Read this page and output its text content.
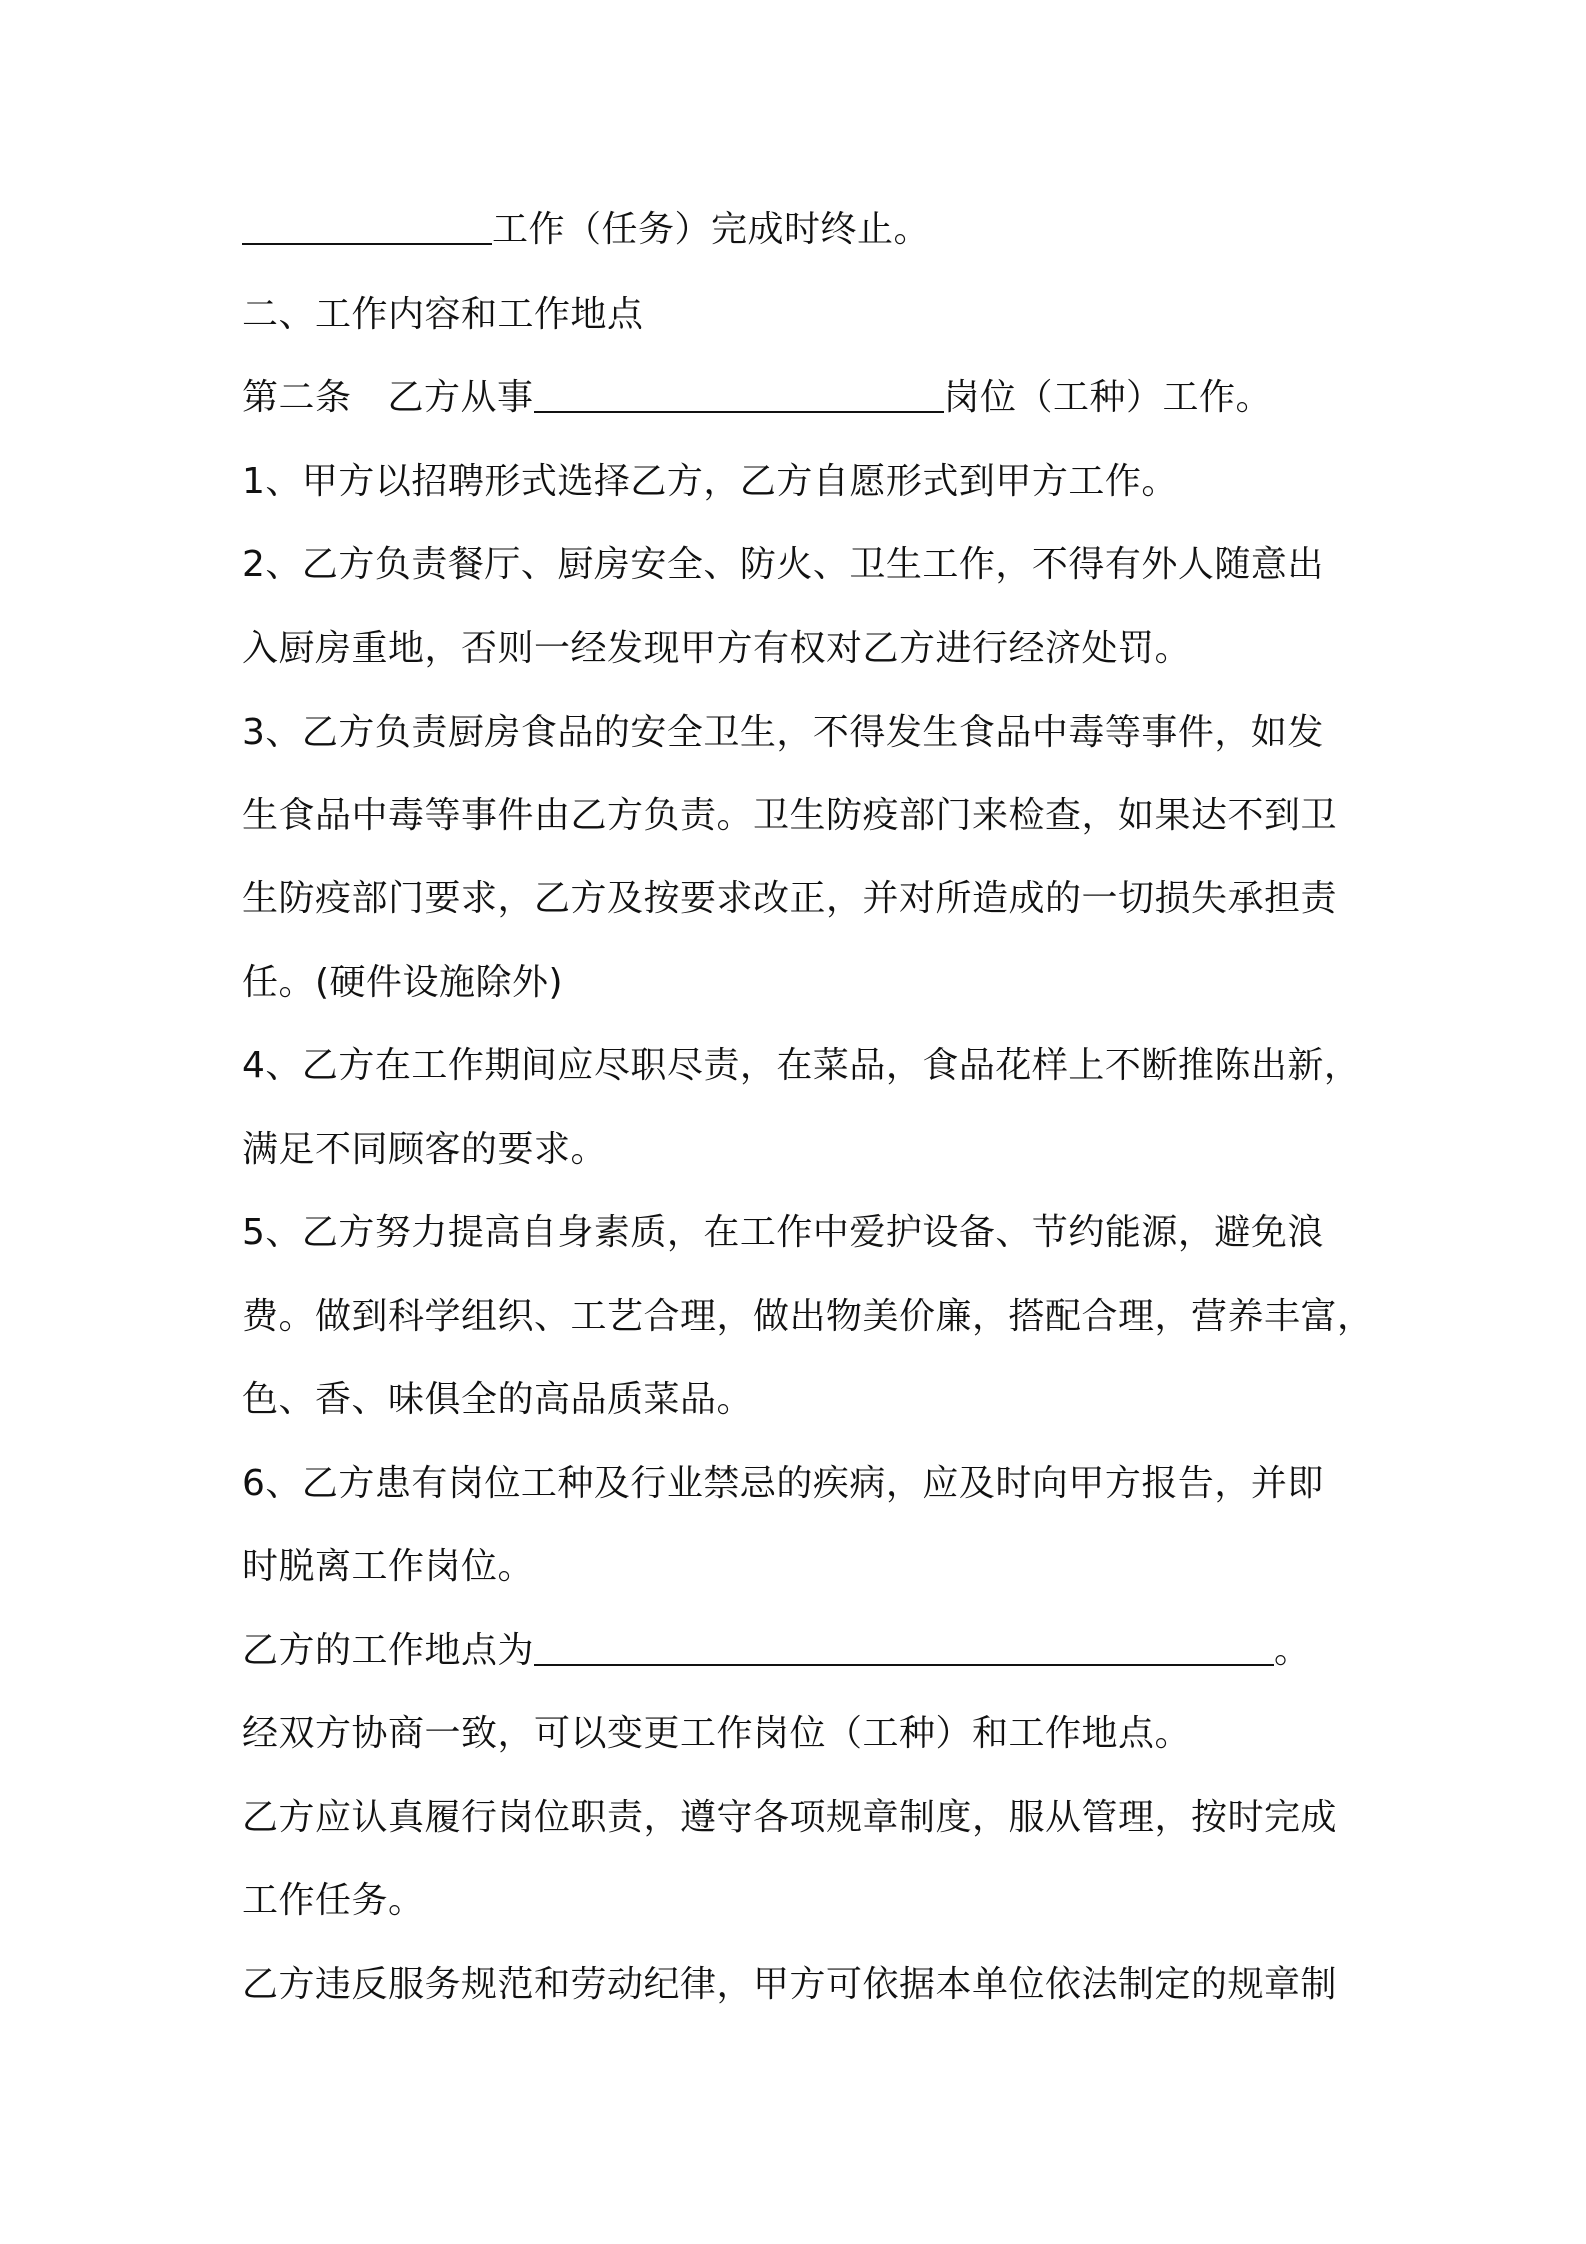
工作（任务）完成时终止。
二、工作内容和工作地点
第二条 乙方从事	岗位（工种）工作。
1、甲方以招聘形式选择乙方，乙方自愿形式到甲方工作。
2、乙方负责餐厅、厨房安全、防火、卫生工作，不得有外人随意出
入厨房重地，否则一经发现甲方有权对乙方进行经济处罚。
3、乙方负责厨房食品的安全卫生，不得发生食品中毒等事件，如发
生食品中毒等事件由乙方负责。卫生防疫部门来检查，如果达不到卫
生防疫部门要求，乙方及按要求改正，并对所造成的一切损失承担责
任。(硬件设施除外)
4、乙方在工作期间应尽职尽责，在菜品，食品花样上不断推陈出新，
满足不同顾客的要求。
5、乙方努力提高自身素质，在工作中爱护设备、节约能源，避免浪
费。做到科学组织、工艺合理，做出物美价廉，搭配合理，营养丰富，
色、香、味俱全的高品质菜品。
6、乙方患有岗位工种及行业禁忌的疾病，应及时向甲方报告，并即
时脱离工作岗位。
乙方的工作地点为	。
经双方协商一致，可以变更工作岗位（工种）和工作地点。
乙方应认真履行岗位职责，遵守各项规章制度，服从管理，按时完成
工作任务。
乙方违反服务规范和劳动纪律，甲方可依据本单位依法制定的规章制
